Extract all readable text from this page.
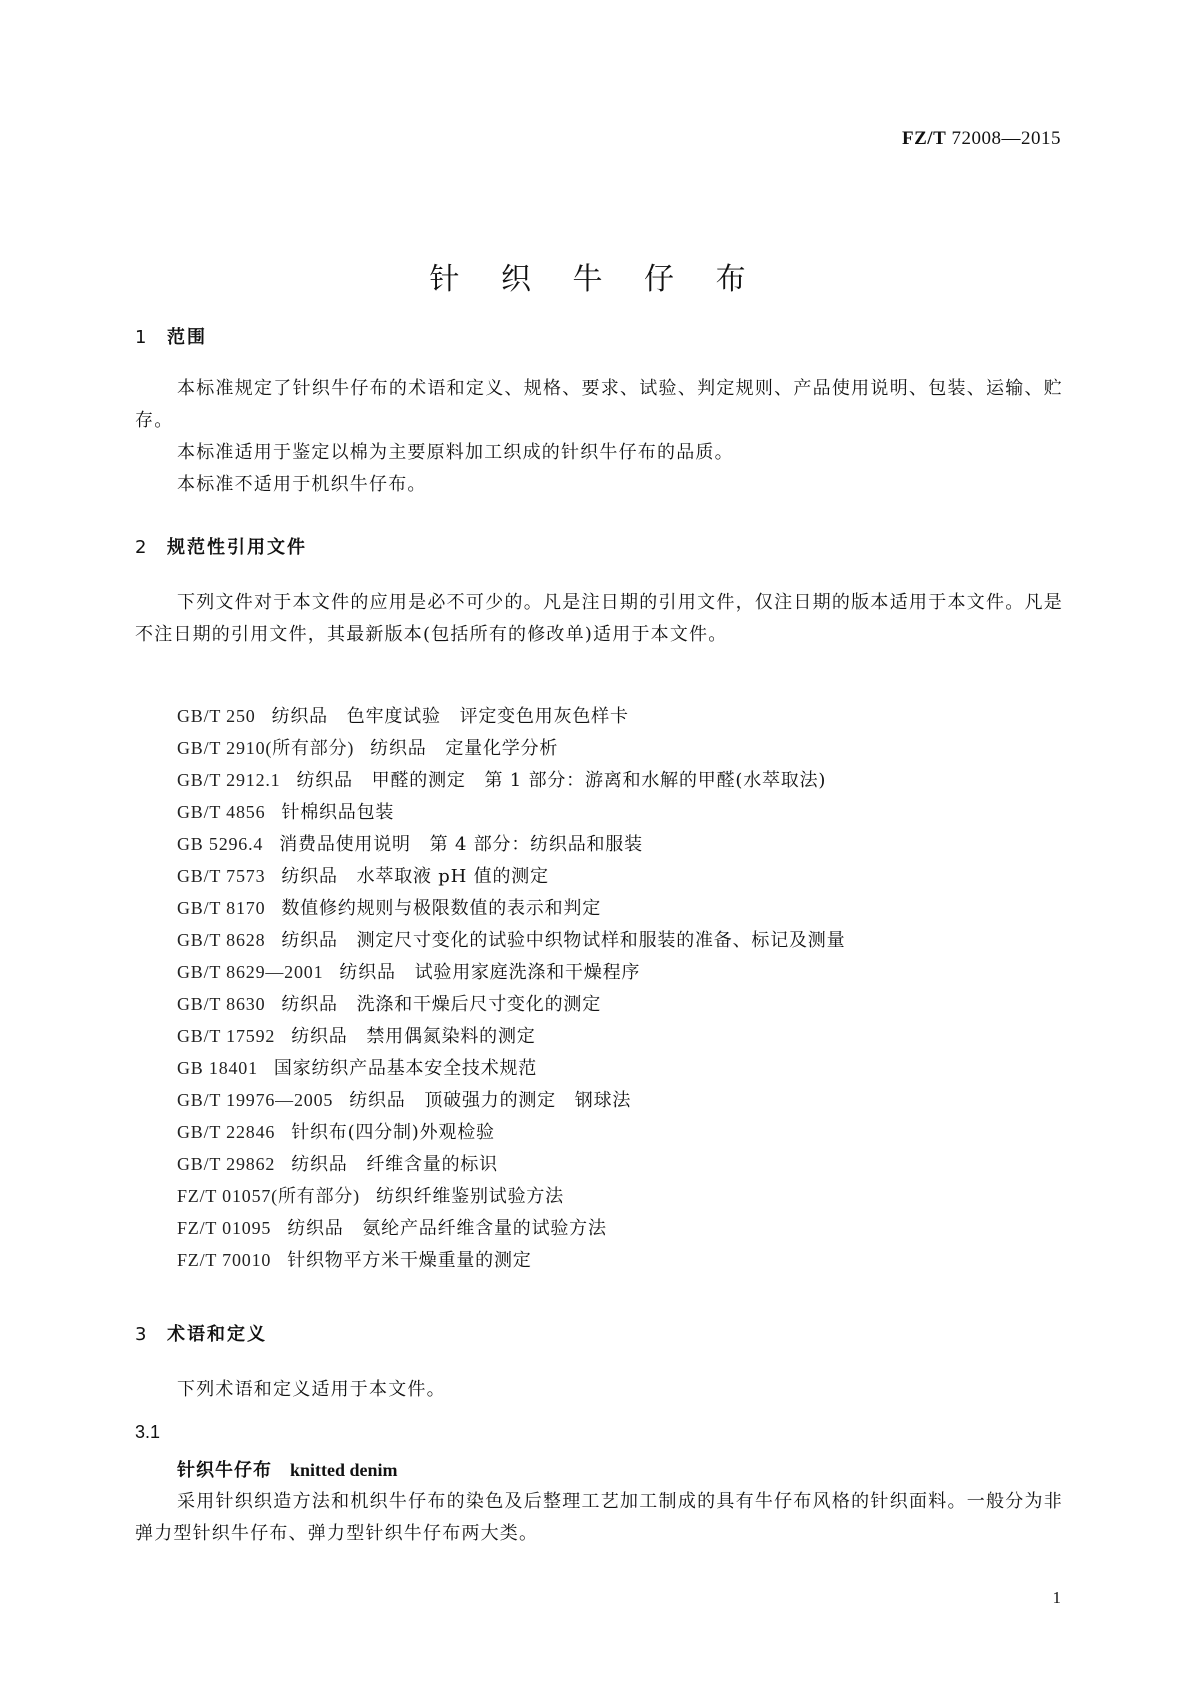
FZ/T 72008—2015
针 织 牛 仔 布
1 范围

本标准规定了针织牛仔布的术语和定义、规格、要求、试验、判定规则、产品使用说明、包装、运输、贮存。

本标准适用于鉴定以棉为主要原料加工织成的针织牛仔布的品质。

本标准不适用于机织牛仔布。

2 规范性引用文件

下列文件对于本文件的应用是必不可少的。凡是注日期的引用文件，仅注日期的版本适用于本文件。凡是不注日期的引用文件，其最新版本(包括所有的修改单)适用于本文件。

GB/T 250 纺织品　色牢度试验　评定变色用灰色样卡
GB/T 2910(所有部分) 纺织品　定量化学分析
GB/T 2912.1 纺织品　甲醛的测定　第 1 部分：游离和水解的甲醛(水萃取法)
GB/T 4856 针棉织品包装
GB 5296.4 消费品使用说明　第 4 部分：纺织品和服装
GB/T 7573 纺织品　水萃取液 pH 值的测定
GB/T 8170 数值修约规则与极限数值的表示和判定
GB/T 8628 纺织品　测定尺寸变化的试验中织物试样和服装的准备、标记及测量
GB/T 8629—2001 纺织品　试验用家庭洗涤和干燥程序
GB/T 8630 纺织品　洗涤和干燥后尺寸变化的测定
GB/T 17592 纺织品　禁用偶氮染料的测定
GB 18401 国家纺织产品基本安全技术规范
GB/T 19976—2005 纺织品　顶破强力的测定　钢球法
GB/T 22846 针织布(四分制)外观检验
GB/T 29862 纺织品　纤维含量的标识
FZ/T 01057(所有部分) 纺织纤维鉴别试验方法
FZ/T 01095 纺织品　氨纶产品纤维含量的试验方法
FZ/T 70010 针织物平方米干燥重量的测定
3 术语和定义

下列术语和定义适用于本文件。

3.1
针织牛仔布 knitted denim

采用针织织造方法和机织牛仔布的染色及后整理工艺加工制成的具有牛仔布风格的针织面料。一般分为非弹力型针织牛仔布、弹力型针织牛仔布两大类。

1
